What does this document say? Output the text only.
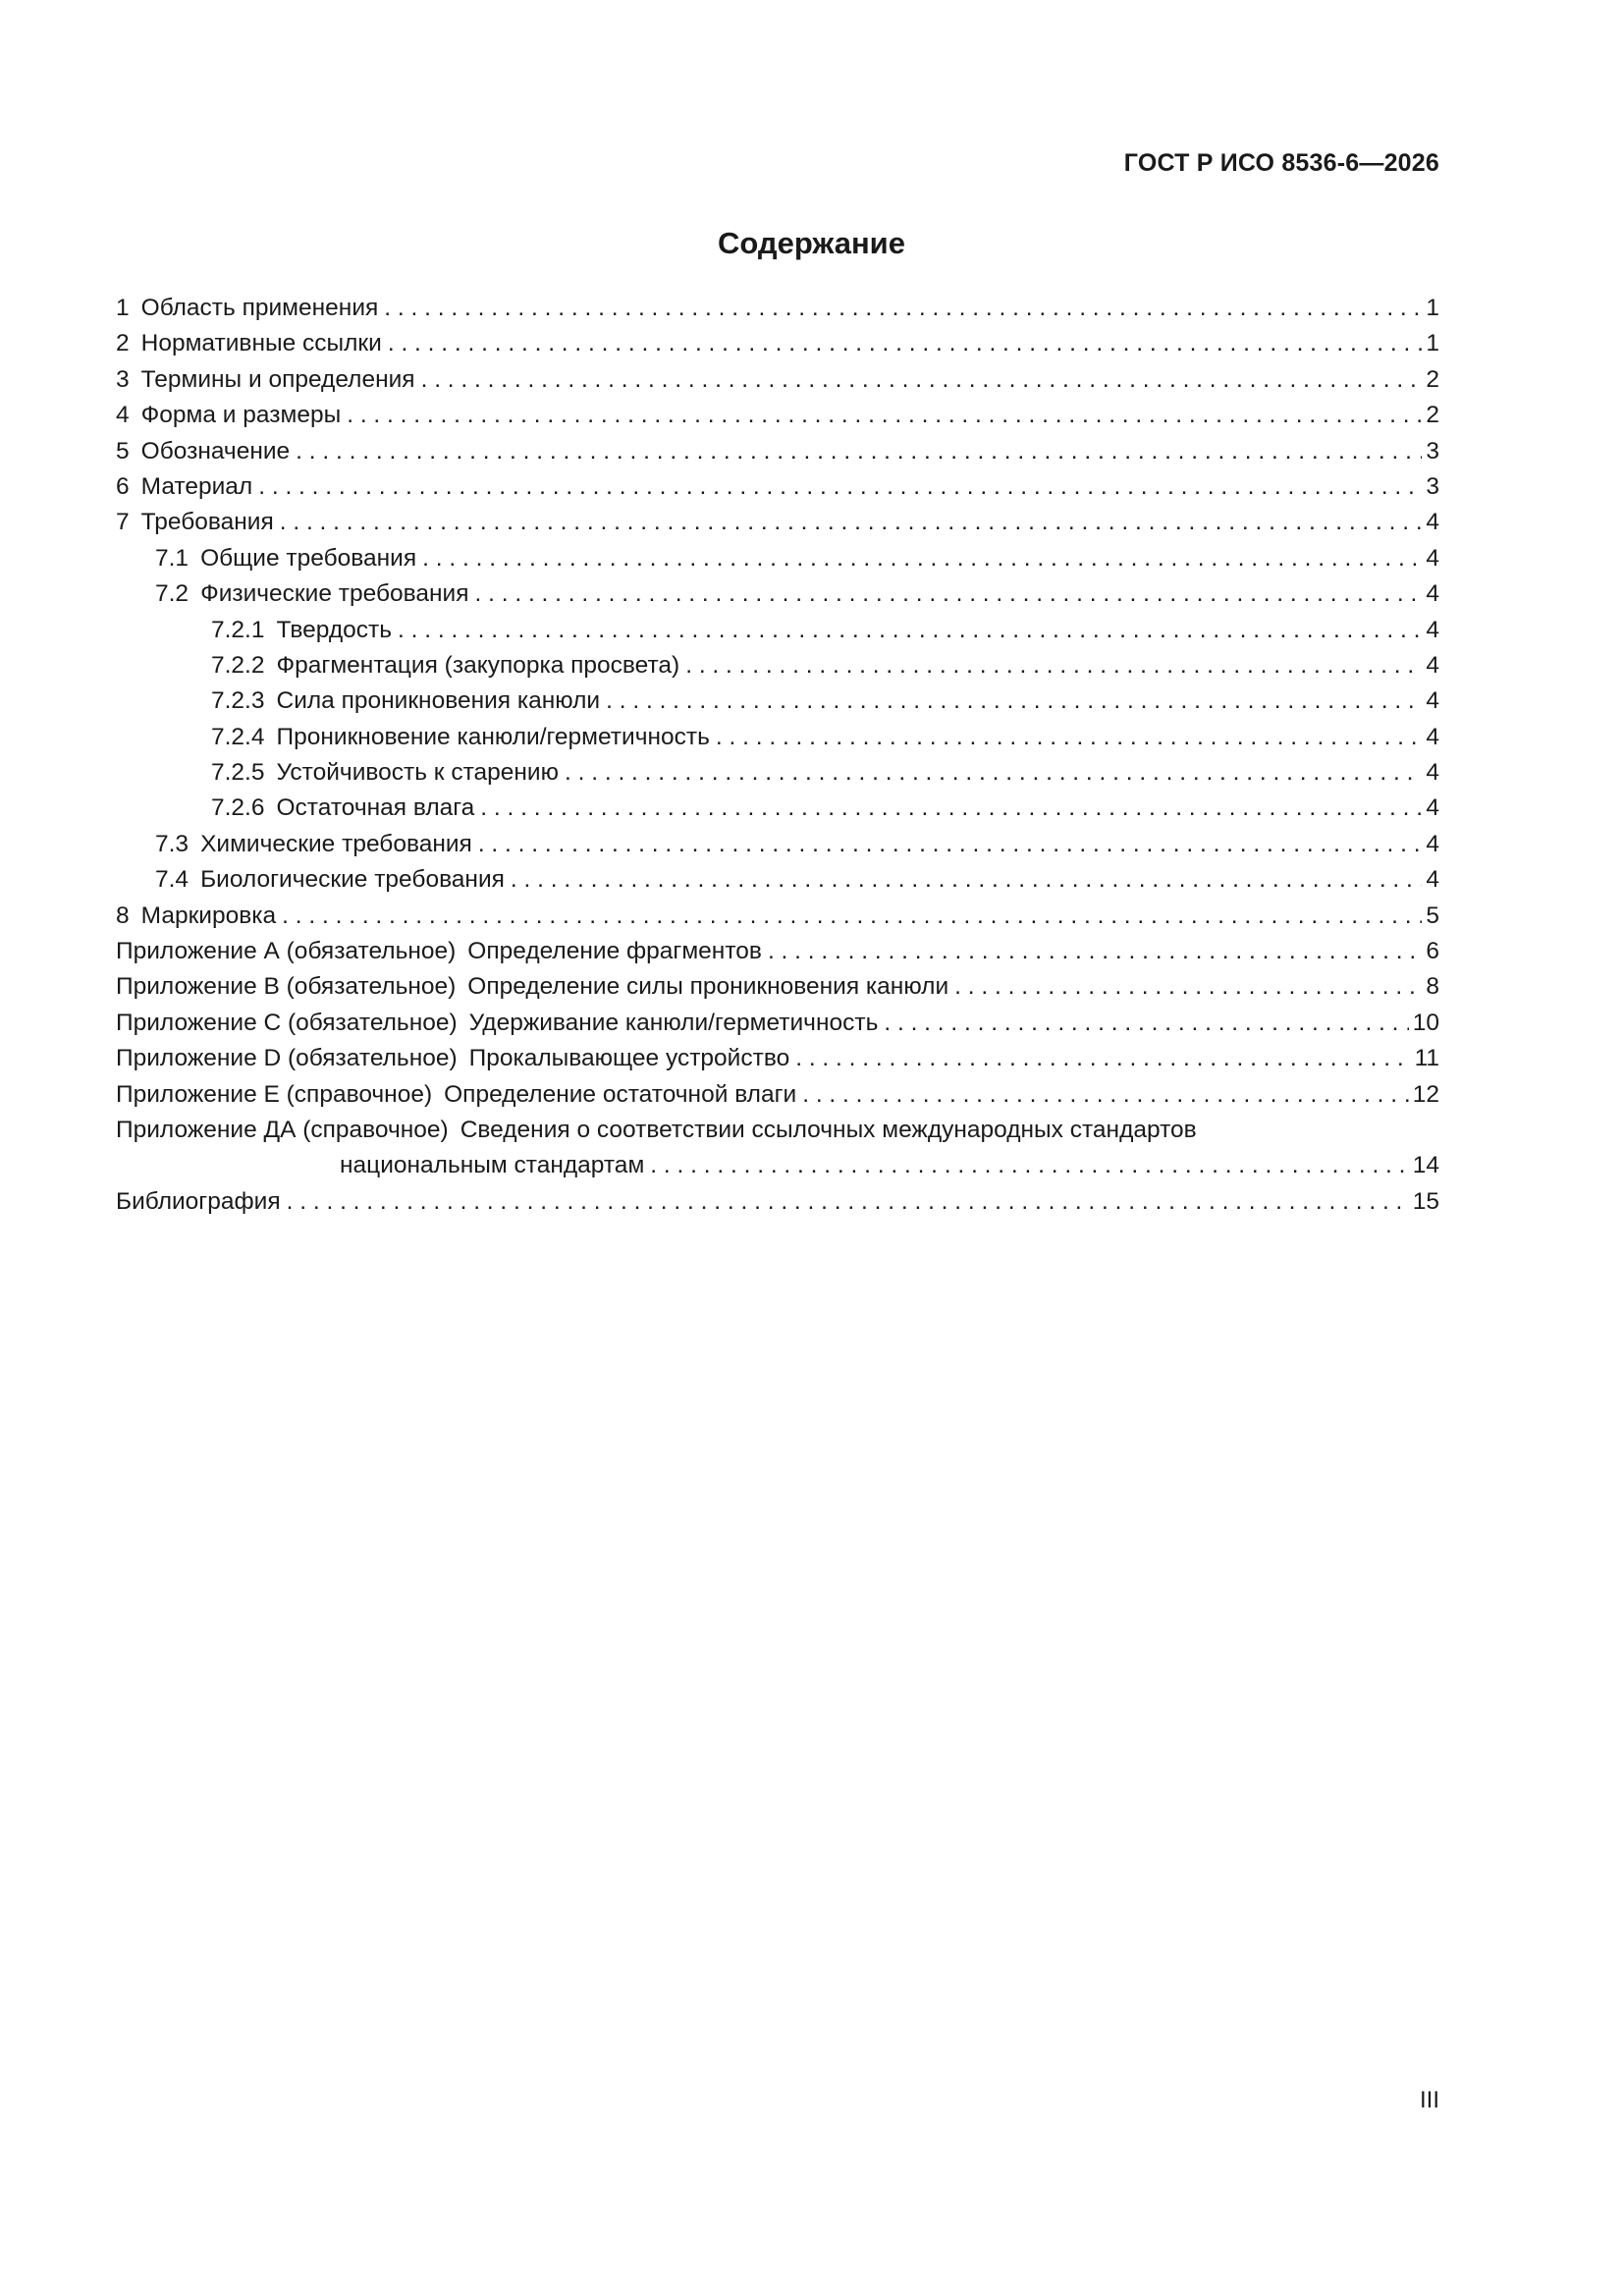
ГОСТ Р ИСО 8536-6—2026
Содержание
1 Область применения . . .	1
2 Нормативные ссылки . . .	1
3 Термины и определения . . .	2
4 Форма и размеры . . .	2
5 Обозначение . . .	3
6 Материал . . .	3
7 Требования . . .	4
7.1 Общие требования . . .	4
7.2 Физические требования . . .	4
7.2.1 Твердость . . .	4
7.2.2 Фрагментация (закупорка просвета) . . .	4
7.2.3 Сила проникновения канюли . . .	4
7.2.4 Проникновение канюли/герметичность . . .	4
7.2.5 Устойчивость к старению . . .	4
7.2.6 Остаточная влага . . .	4
7.3 Химические требования . . .	4
7.4 Биологические требования . . .	4
8 Маркировка . . .	5
Приложение А (обязательное) Определение фрагментов . . .	6
Приложение В (обязательное) Определение силы проникновения канюли . . .	8
Приложение С (обязательное) Удерживание канюли/герметичность . . .	10
Приложение D (обязательное) Прокалывающее устройство . . .	11
Приложение Е (справочное) Определение остаточной влаги . . .	12
Приложение ДА (справочное) Сведения о соответствии ссылочных международных стандартов
национальным стандартам . . .	14
Библиография . . .	15
III
